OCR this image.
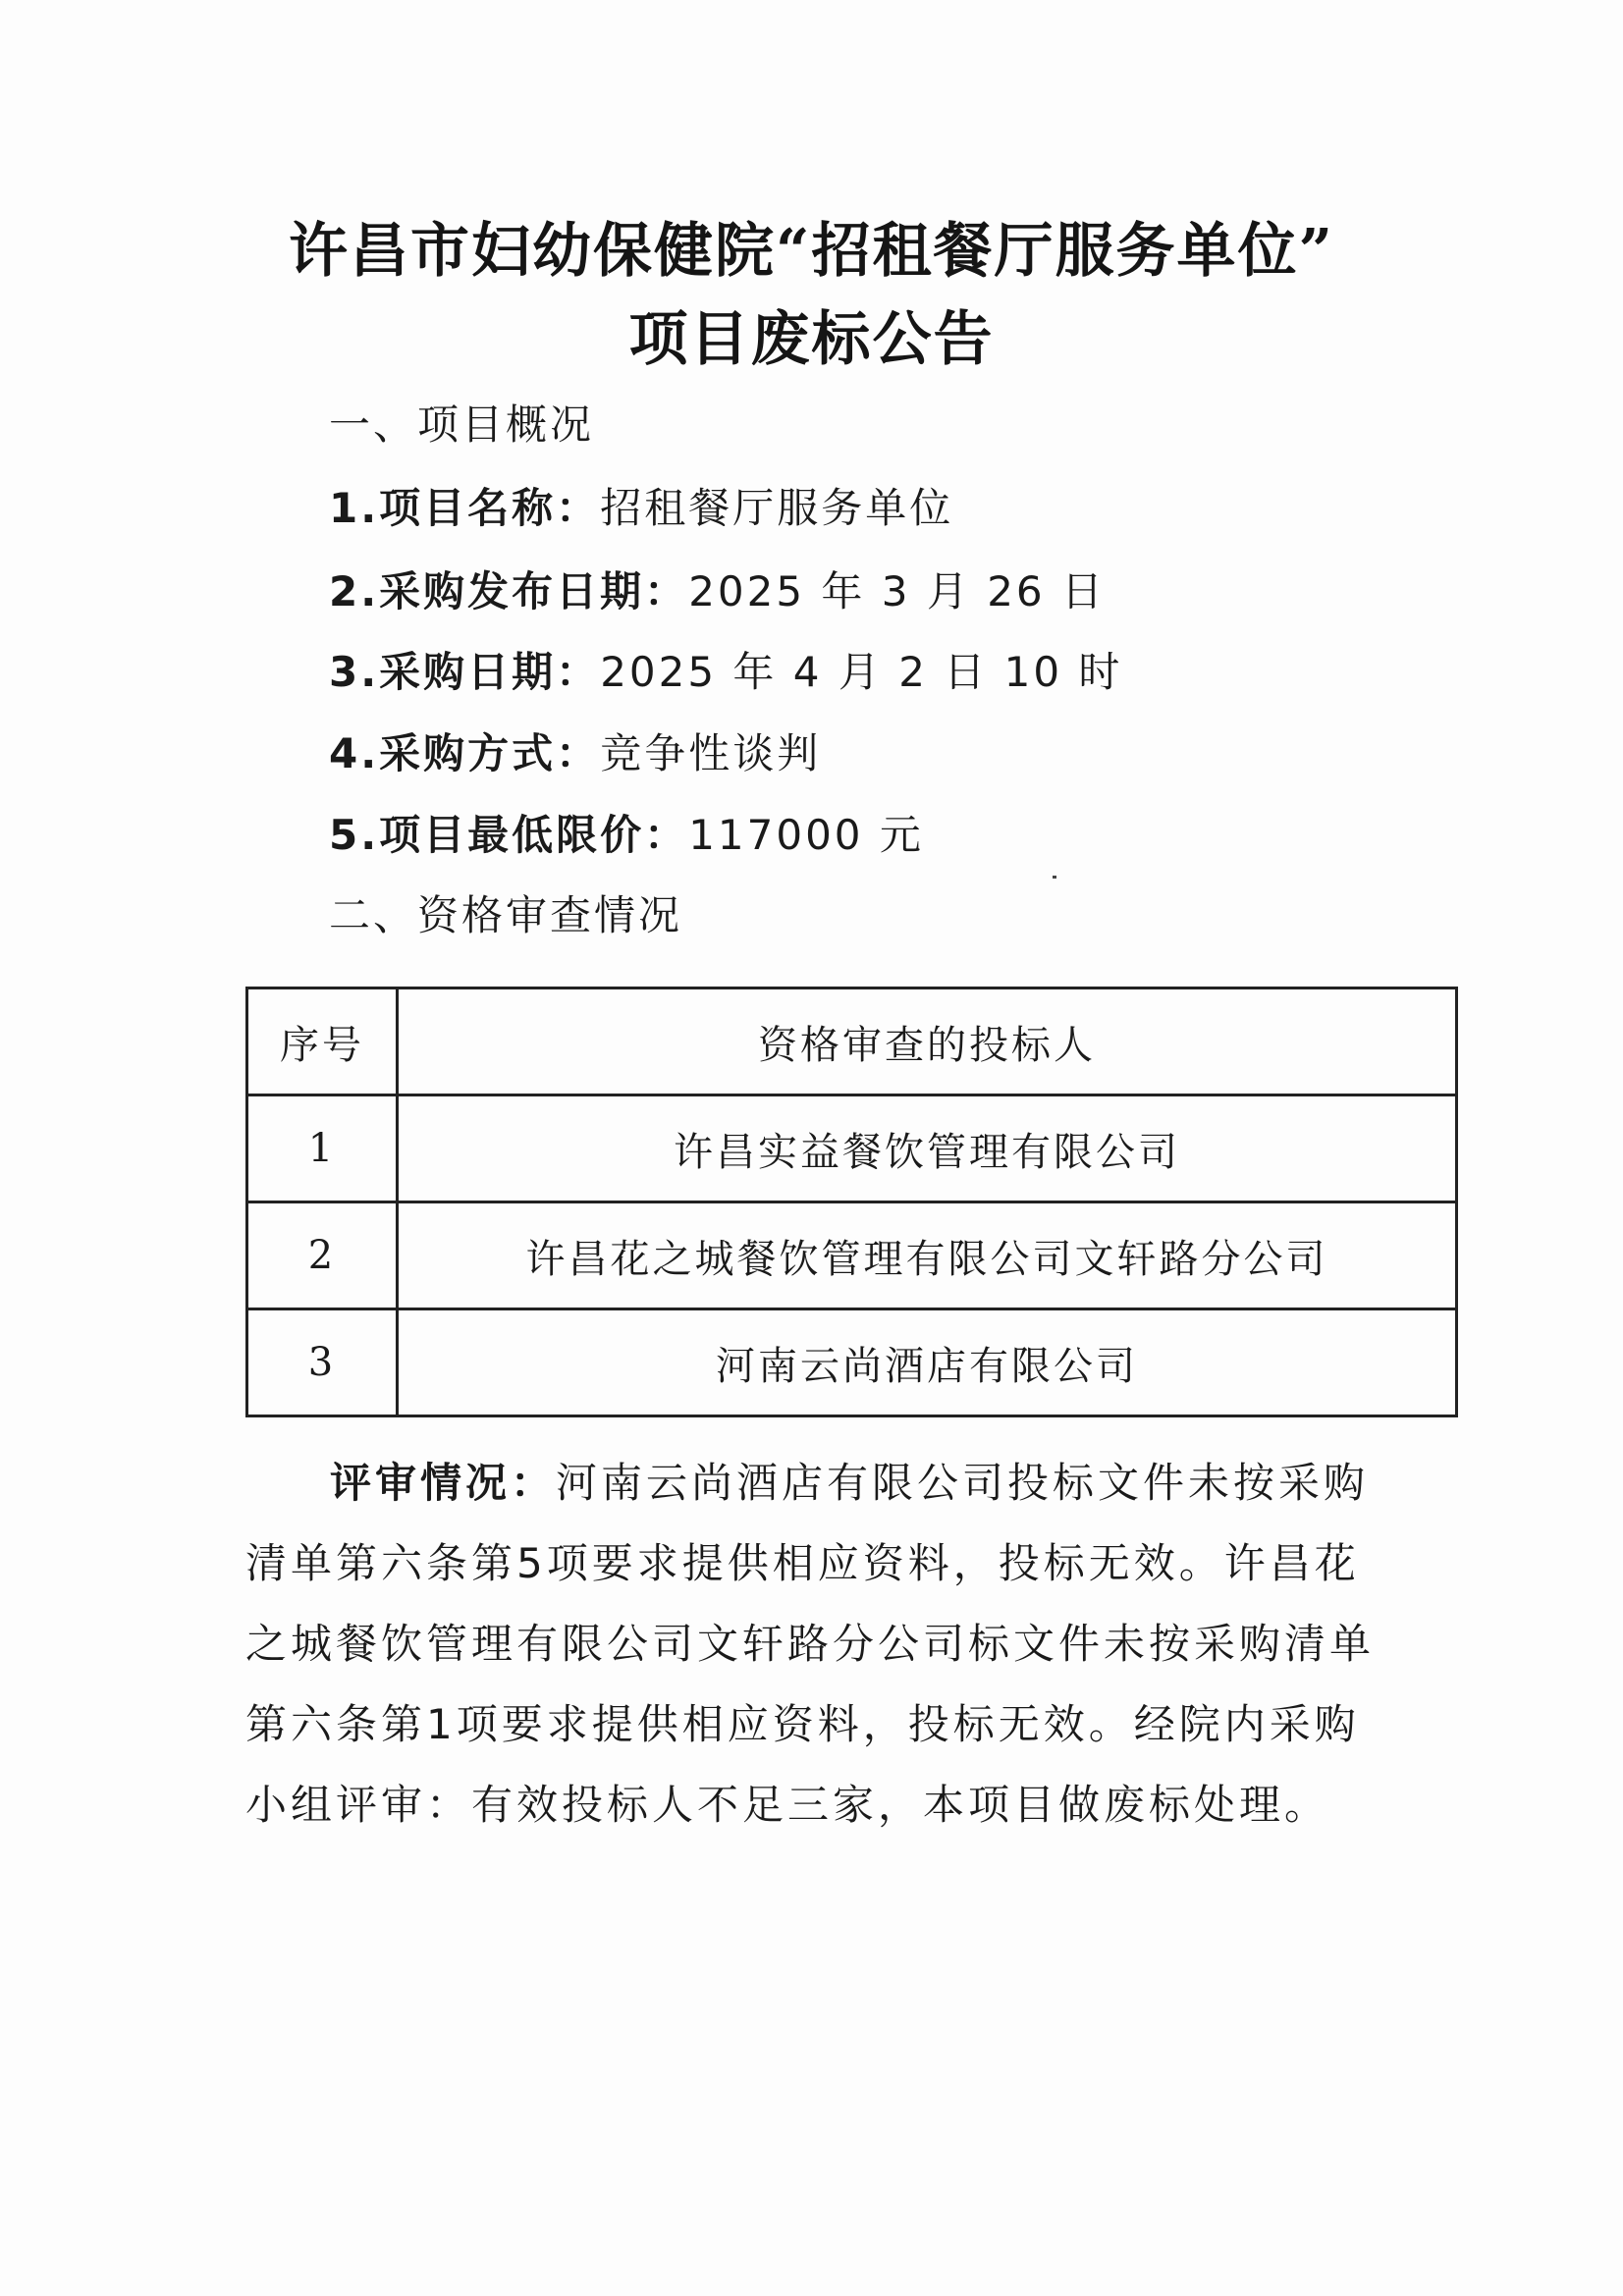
许昌市妇幼保健院“招租餐厅服务单位”
项目废标公告
一、项目概况
1.项目名称：招租餐厅服务单位
2.采购发布日期：2025 年 3 月 26 日
3.采购日期：2025 年 4 月 2 日 10 时
4.采购方式：竞争性谈判
5.项目最低限价：117000 元
二、资格审查情况
序号	资格审查的投标人
1	许昌实益餐饮管理有限公司
2	许昌花之城餐饮管理有限公司文轩路分公司
3	河南云尚酒店有限公司
评审情况：河南云尚酒店有限公司投标文件未按采购清单第六条第5项要求提供相应资料，投标无效。许昌花之城餐饮管理有限公司文轩路分公司标文件未按采购清单第六条第1项要求提供相应资料，投标无效。经院内采购小组评审：有效投标人不足三家，本项目做废标处理。
